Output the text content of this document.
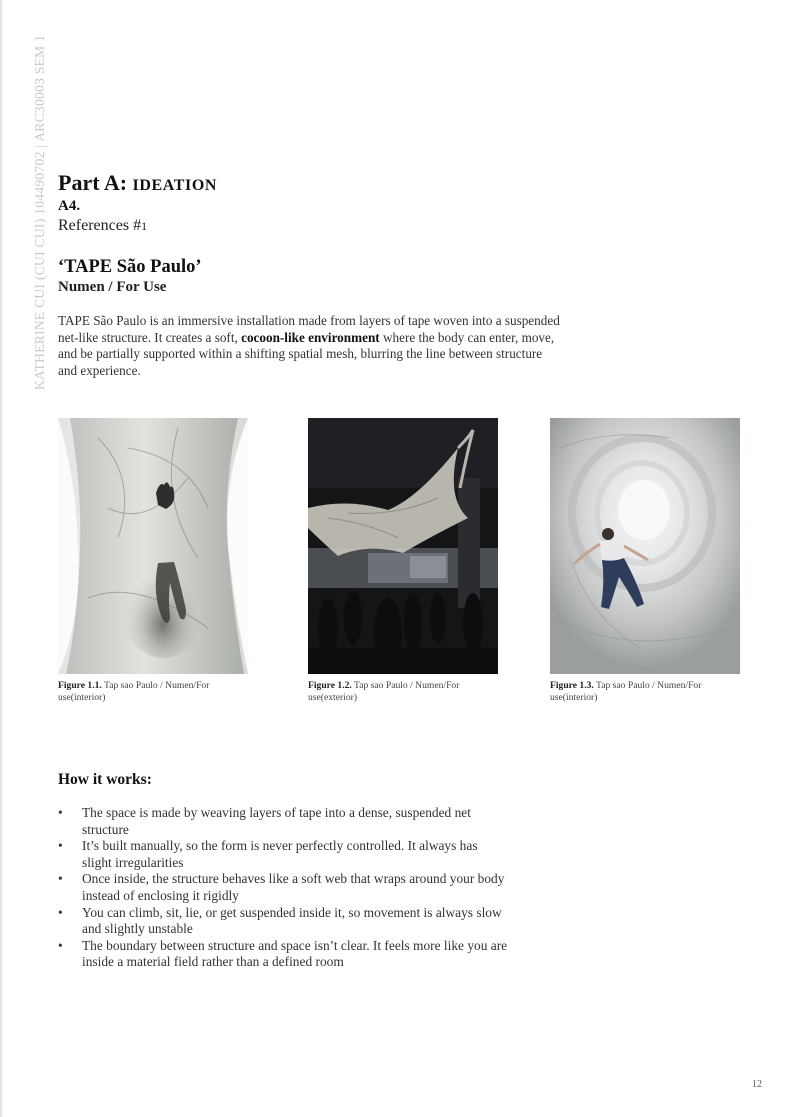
KATHERINE CUI (CUI CUI) 104490702 | ARC30003 SEM 1 Part A: IDEATION
A4.
References #1
‘TAPE São Paulo’
Numen / For Use

TAPE São Paulo is an immersive installation made from layers of tape woven into a suspended net-like structure. It creates a soft, cocoon-like environment where the body can enter, move, and be partially supported within a shifting spatial mesh, blurring the line between structure and experience.

Figure 1.1. Tap sao Paulo / Numen/For use(interior)
Figure 1.2. Tap sao Paulo / Numen/For use(exterior)
Figure 1.3. Tap sao Paulo / Numen/For use(interior)
How it works:
• The space is made by weaving layers of tape into a dense, suspended net structure
• It’s built manually, so the form is never perfectly controlled. It always has slight irregularities
• Once inside, the structure behaves like a soft web that wraps around your body instead of enclosing it rigidly
• You can climb, sit, lie, or get suspended inside it, so movement is always slow and slightly unstable
• The boundary between structure and space isn’t clear. It feels more like you are inside a material field rather than a defined room
12
